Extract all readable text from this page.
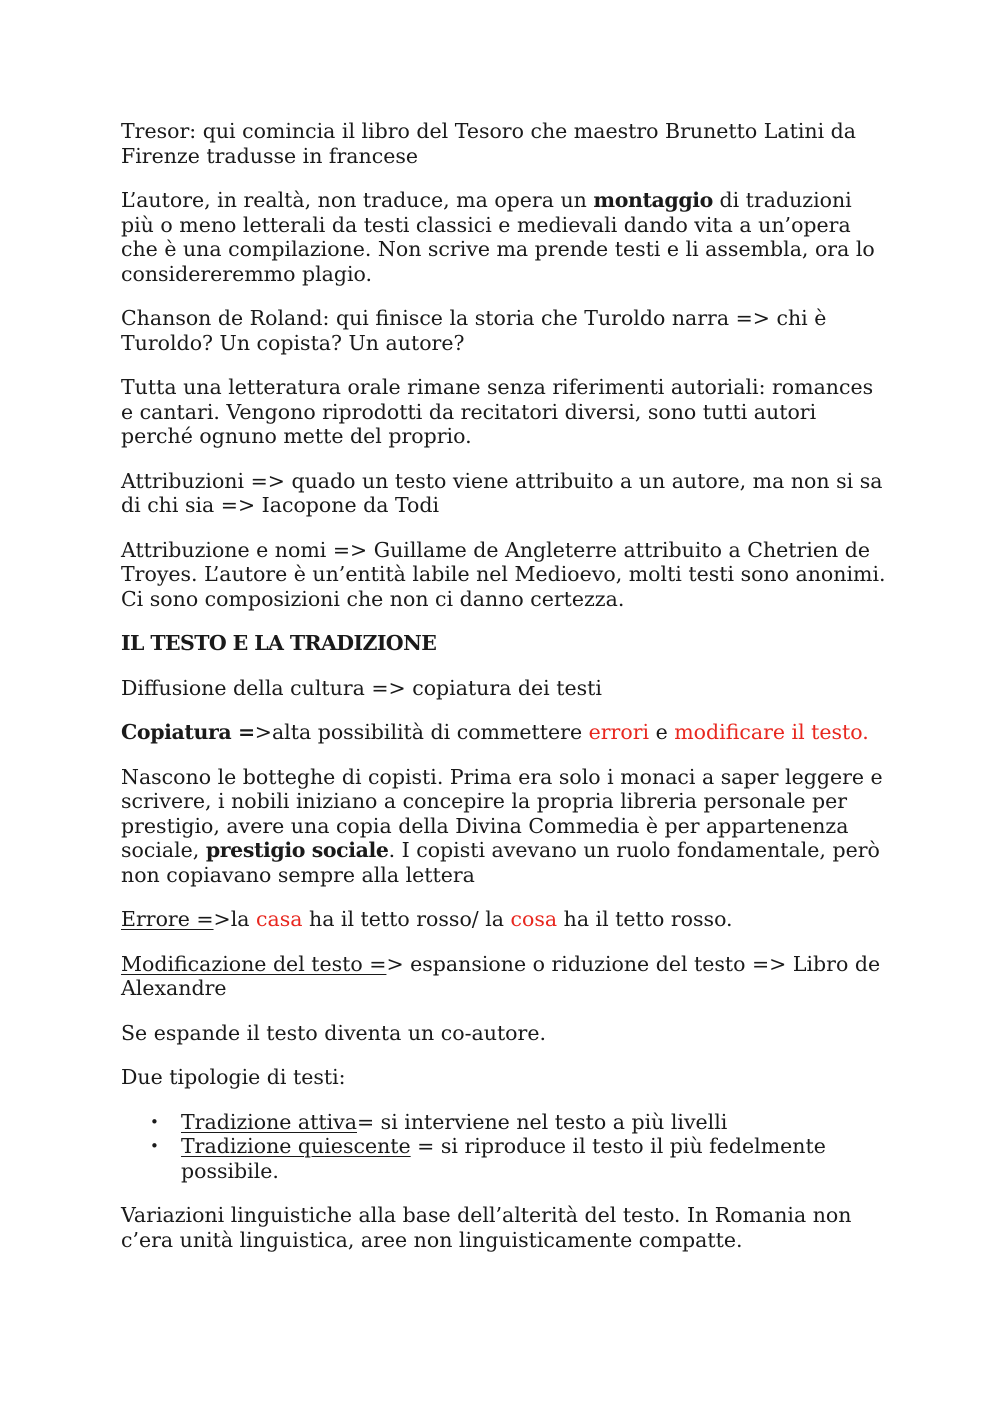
Tresor: qui comincia il libro del Tesoro che maestro Brunetto Latini da Firenze tradusse in francese

L’autore, in realtà, non traduce, ma opera un montaggio di traduzioni più o meno letterali da testi classici e medievali dando vita a un’opera che è una compilazione. Non scrive ma prende testi e li assembla, ora lo considereremmo plagio.

Chanson de Roland: qui finisce la storia che Turoldo narra => chi è Turoldo? Un copista? Un autore?

Tutta una letteratura orale rimane senza riferimenti autoriali: romances e cantari. Vengono riprodotti da recitatori diversi, sono tutti autori perché ognuno mette del proprio.

Attribuzioni => quado un testo viene attribuito a un autore, ma non si sa di chi sia => Iacopone da Todi

Attribuzione e nomi => Guillame de Angleterre attribuito a Chetrien de Troyes. L’autore è un’entità labile nel Medioevo, molti testi sono anonimi. Ci sono composizioni che non ci danno certezza.

IL TESTO E LA TRADIZIONE

Diffusione della cultura => copiatura dei testi

Copiatura =>alta possibilità di commettere errori e modificare il testo.

Nascono le botteghe di copisti. Prima era solo i monaci a saper leggere e scrivere, i nobili iniziano a concepire la propria libreria personale per prestigio, avere una copia della Divina Commedia è per appartenenza sociale, prestigio sociale. I copisti avevano un ruolo fondamentale, però non copiavano sempre alla lettera

Errore =>la casa ha il tetto rosso/ la cosa ha il tetto rosso.

Modificazione del testo => espansione o riduzione del testo => Libro de Alexandre

Se espande il testo diventa un co-autore.

Due tipologie di testi:

• Tradizione attiva= si interviene nel testo a più livelli
• Tradizione quiescente = si riproduce il testo il più fedelmente possibile.

Variazioni linguistiche alla base dell’alterità del testo. In Romania non c’era unità linguistica, aree non linguisticamente compatte.
